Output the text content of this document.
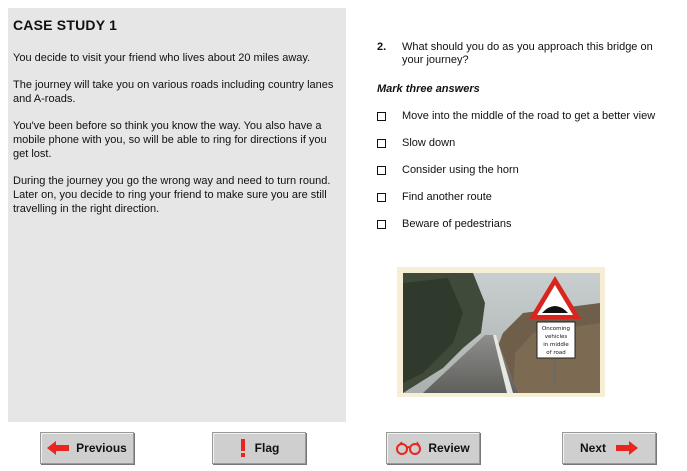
CASE STUDY 1
You decide to visit your friend who lives about 20 miles away.
The journey will take you on various roads including country lanes and A-roads.
You've been before so think you know the way. You also have a mobile phone with you, so will be able to ring for directions if you get lost.
During the journey you go the wrong way and need to turn round. Later on, you decide to ring your friend to make sure you are still travelling in the right direction.
2. What should you do as you approach this bridge on your journey?
Mark three answers
Move into the middle of the road to get a better view
Slow down
Consider using the horn
Find another route
Beware of pedestrians
Oncoming
vehicles
in middle
of road
Previous	Flag	Review	Next
